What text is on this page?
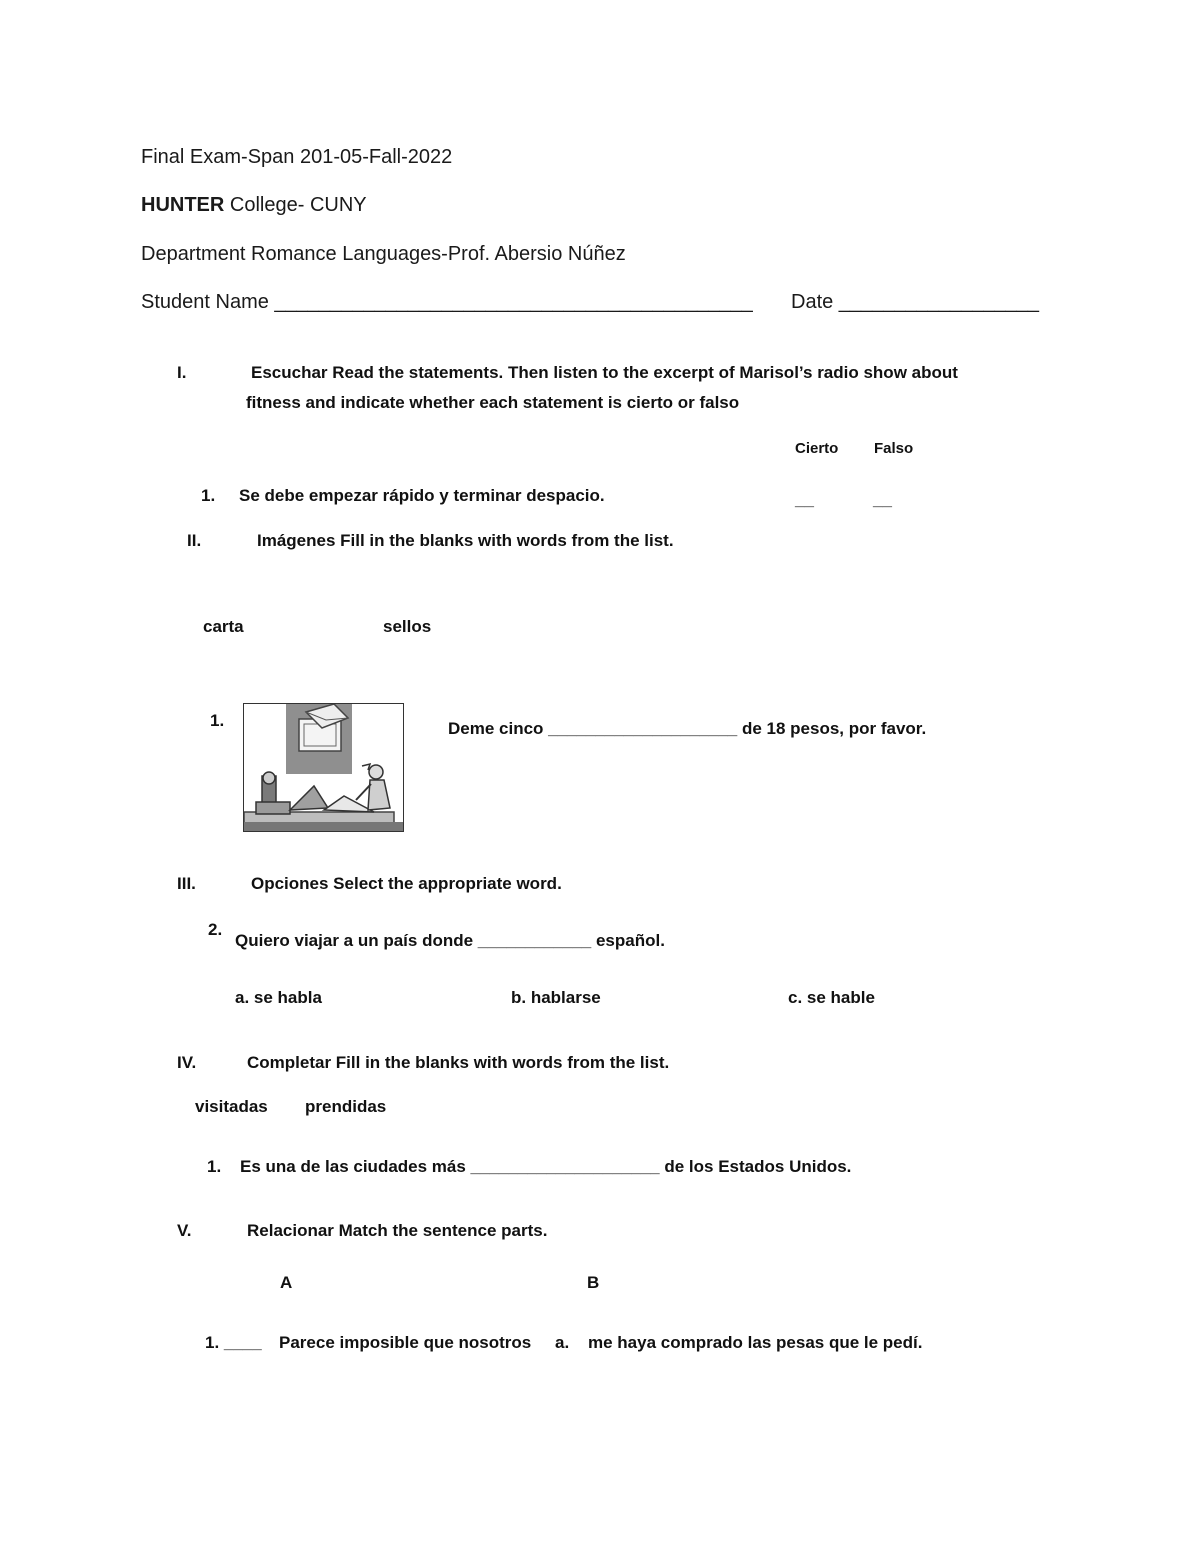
Final Exam-Span 201-05-Fall-2022
HUNTER College- CUNY
Department Romance Languages-Prof. Abersio Núñez
Student Name ___________________________________________ Date __________________
I.	Escuchar Read the statements. Then listen to the excerpt of Marisol’s radio show about
fitness and indicate whether each statement is cierto or falso
Cierto Falso
1. Se debe empezar rápido y terminar despacio.	__	__
II.	Imágenes Fill in the blanks with words from the list.
carta	sellos
1.	Deme cinco ____________________ de 18 pesos, por favor.
III.	Opciones Select the appropriate word.
2.
Quiero viajar a un país donde ____________ español.
a. se habla	b. hablarse	c. se hable
IV.	Completar Fill in the blanks with words from the list.
visitadas prendidas
1. Es una de las ciudades más ____________________ de los Estados Unidos.
V.	Relacionar Match the sentence parts.
A	B
1. ____ Parece imposible que nosotros a. me haya comprado las pesas que le pedí.
